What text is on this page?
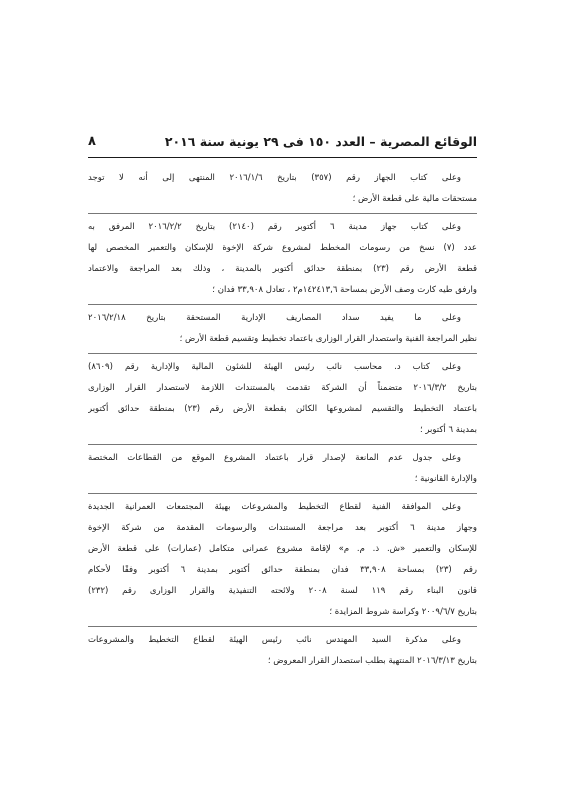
الوقائع المصرية – العدد ١٥٠ فى ٢٩ يونية سنة ٢٠١٦
٨
وعلى كتاب الجهاز رقم (٣٥٧) بتاريخ ٢٠١٦/١/٦ المنتهى إلى أنه لا توجد
مستحقات مالية على قطعة الأرض ؛
وعلى كتاب جهاز مدينة ٦ أكتوبر رقم (٢١٤٠) بتاريخ ٢٠١٦/٢/٢ المرفق به
عدد (٧) نسخ من رسومات المخطط لمشروع شركة الإخوة للإسكان والتعمير المخصص لها
قطعة الأرض رقم (٢٣) بمنطقة حدائق أكتوبر بالمدينة ، وذلك بعد المراجعة والاعتماد
وارفق طيه كارت وصف الأرض بمساحة ١٤٢٤١٣,٦م٢ ، تعادل ٣٣,٩٠٨ فدان ؛
وعلى ما يفيد سداد المصاريف الإدارية المستحقة بتاريخ ٢٠١٦/٢/١٨
نظير المراجعة الفنية واستصدار القرار الوزارى باعتماد تخطيط وتقسيم قطعة الأرض ؛
وعلى كتاب د. محاسب نائب رئيس الهيئة للشئون المالية والإدارية رقم (٨٦٠٩)
بتاريخ ٢٠١٦/٣/٢ متضمناً أن الشركة تقدمت بالمستندات اللازمة لاستصدار القرار الوزارى
باعتماد التخطيط والتقسيم لمشروعها الكائن بقطعة الأرض رقم (٢٣) بمنطقة حدائق أكتوبر
بمدينة ٦ أكتوبر ؛
وعلى جدول عدم المانعة لإصدار قرار باعتماد المشروع الموقع من القطاعات المختصة
والإدارة القانونية ؛
وعلى الموافقة الفنية لقطاع التخطيط والمشروعات بهيئة المجتمعات العمرانية الجديدة
وجهاز مدينة ٦ أكتوبر بعد مراجعة المستندات والرسومات المقدمة من شركة الإخوة
للإسكان والتعمير «ش. ذ. م. م» لإقامة مشروع عمرانى متكامل (عمارات) على قطعة الأرض
رقم (٢٣) بمساحة ٣٣,٩٠٨ فدان بمنطقة حدائق أكتوبر بمدينة ٦ أكتوبر وفقًا لأحكام
قانون البناء رقم ١١٩ لسنة ٢٠٠٨ ولائحته التنفيذية والقرار الوزارى رقم (٢٣٢)
بتاريخ ٢٠٠٩/٦/٧ وكراسة شروط المزايدة ؛
وعلى مذكرة السيد المهندس نائب رئيس الهيئة لقطاع التخطيط والمشروعات
بتاريخ ٢٠١٦/٣/١٣ المنتهية بطلب استصدار القرار المعروض ؛
